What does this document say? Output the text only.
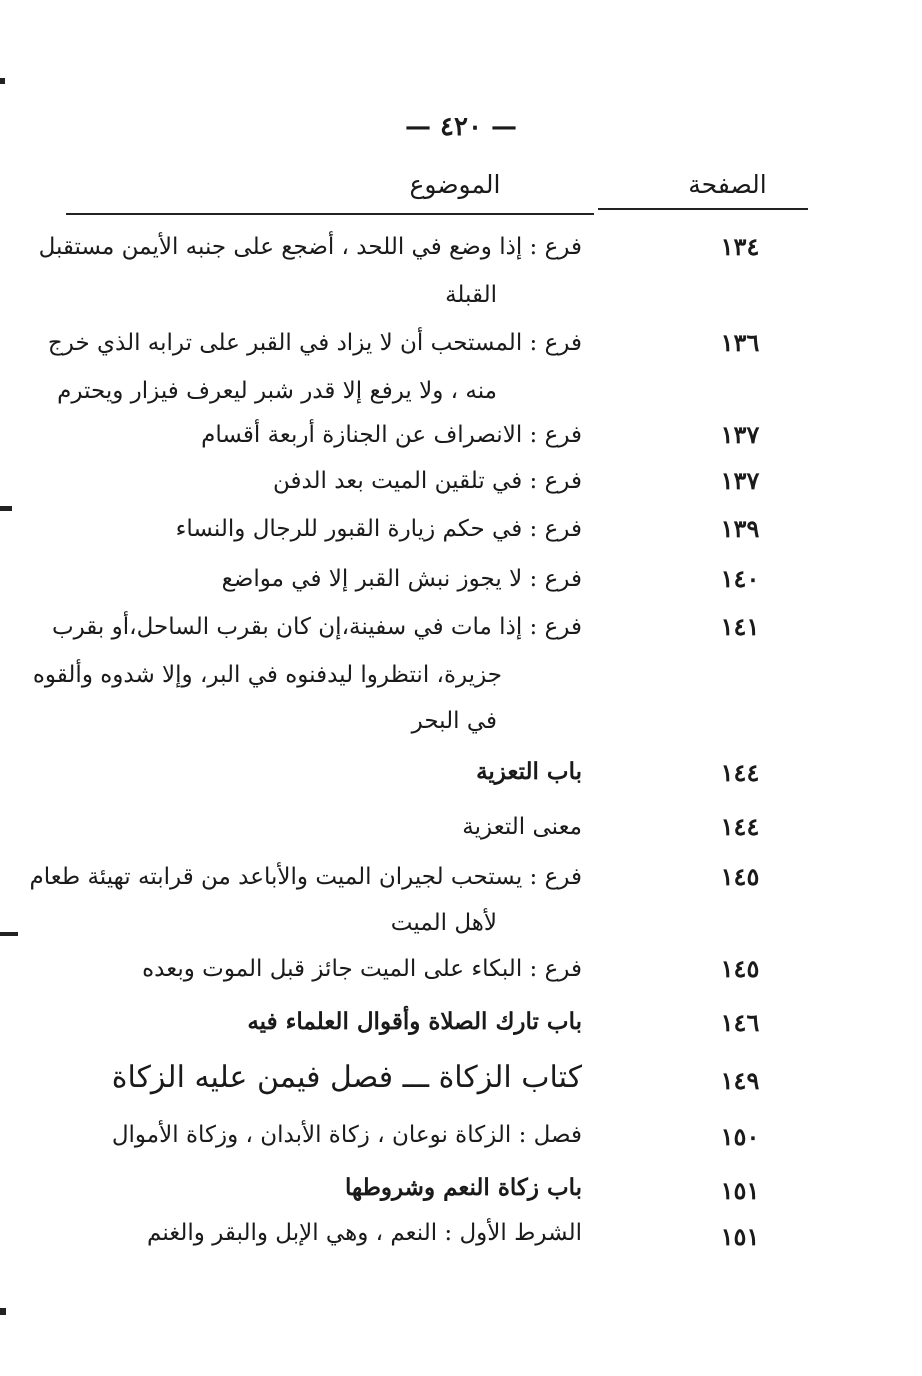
— ٤٢٠ —
الموضوع	الصفحة
١٣٤
فرع : إذا وضع في اللحد ، أضجع على جنبه الأيمن مستقبل
القبلة
١٣٦
فرع : المستحب أن لا يزاد في القبر على ترابه الذي خرج
منه ، ولا يرفع إلا قدر شبر ليعرف فيزار ويحترم
١٣٧
فرع : الانصراف عن الجنازة أربعة أقسام
١٣٧
فرع : في تلقين الميت بعد الدفن
١٣٩
فرع : في حكم زيارة القبور للرجال والنساء
١٤٠
فرع : لا يجوز نبش القبر إلا في مواضع
١٤١
فرع : إذا مات في سفينة،إن كان بقرب الساحل،أو بقرب
جزيرة، انتظروا ليدفنوه في البر، وإلا شدوه وألقوه
في البحر
١٤٤
باب التعزية
١٤٤
معنى التعزية
١٤٥
فرع : يستحب لجيران الميت والأباعد من قرابته تهيئة طعام
لأهل الميت
١٤٥
فرع : البكاء على الميت جائز قبل الموت وبعده
١٤٦
باب تارك الصلاة وأقوال العلماء فيه
١٤٩
كتاب الزكاة ـــ فصل فيمن عليه الزكاة
١٥٠
فصل : الزكاة نوعان ، زكاة الأبدان ، وزكاة الأموال
١٥١
باب زكاة النعم وشروطها
١٥١
الشرط الأول : النعم ، وهي الإبل والبقر والغنم
